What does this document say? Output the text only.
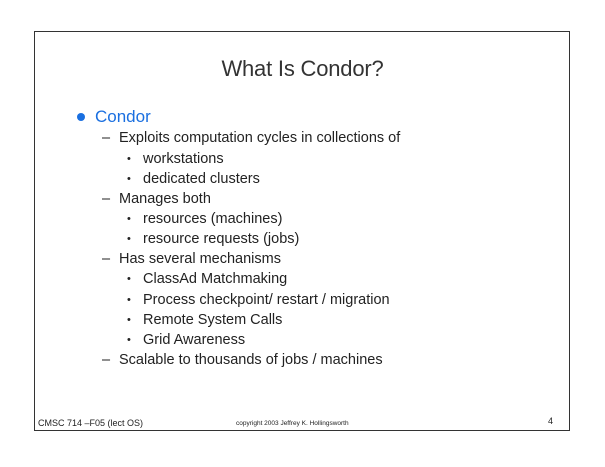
What Is Condor?
Condor
– Exploits computation cycles in collections of
• workstations
• dedicated clusters
– Manages both
• resources (machines)
• resource requests (jobs)
– Has several mechanisms
• ClassAd Matchmaking
• Process checkpoint/ restart / migration
• Remote System Calls
• Grid Awareness
– Scalable to thousands of jobs / machines
CMSC 714 –F05 (lect OS)	copyright 2003 Jeffrey K. Hollingsworth	4
